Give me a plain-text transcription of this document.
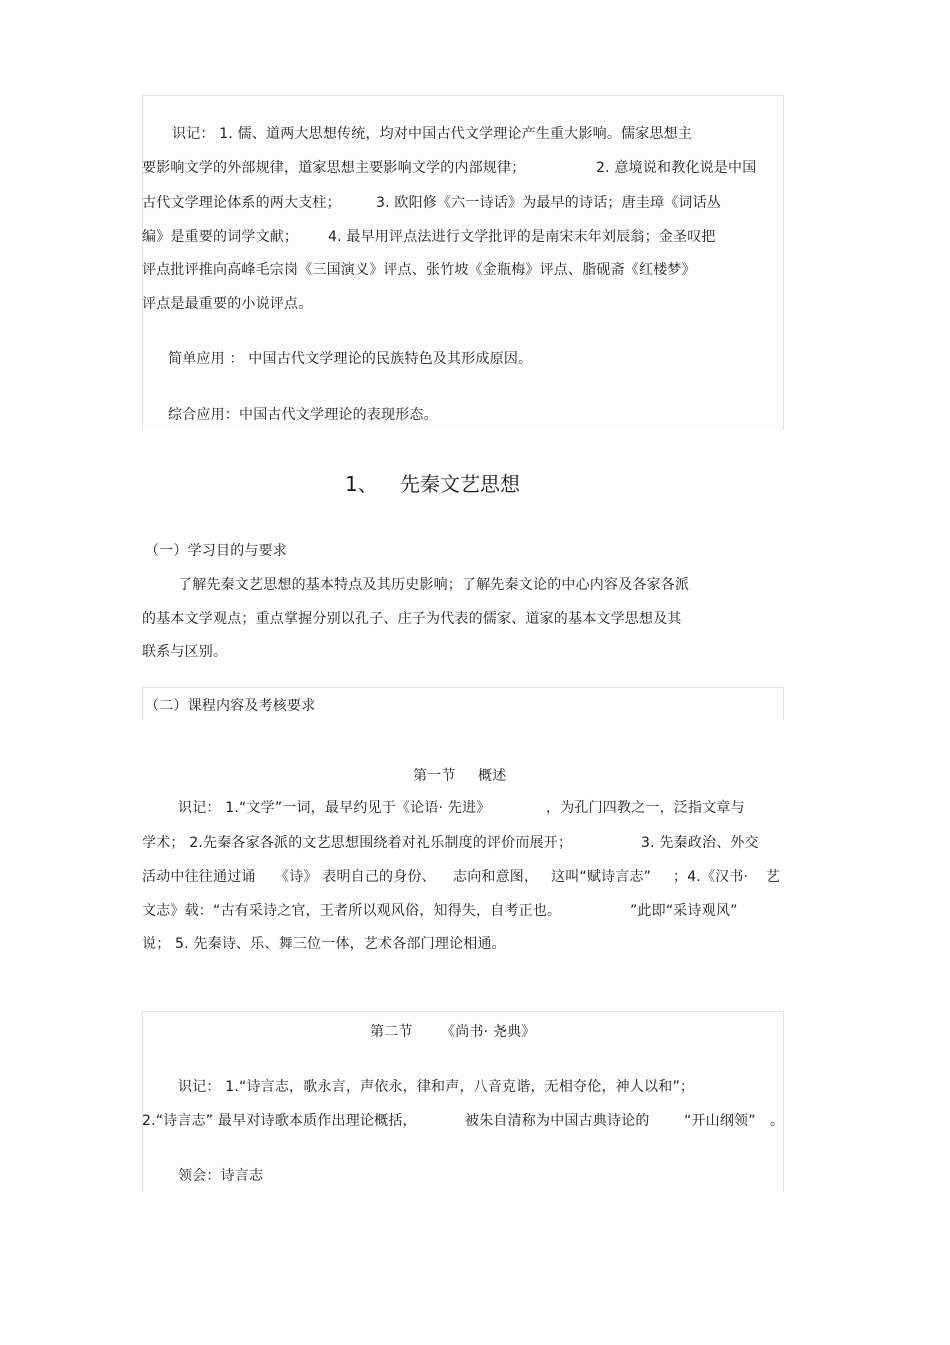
识记： 1. 儒、道两大思想传统，均对中国古代文学理论产生重大影响。儒家思想主
要影响文学的外部规律，道家思想主要影响文学的内部规律；	2. 意境说和教化说是中国
古代文学理论体系的两大支柱；	3. 欧阳修《六一诗话》为最早的诗话；唐圭璋《词话丛
编》是重要的词学文献； 4. 最早用评点法进行文学批评的是南宋末年刘辰翁；金圣叹把
评点批评推向高峰毛宗岗《三国演义》评点、张竹坡《金瓶梅》评点、脂砚斋《红楼梦》
评点是最重要的小说评点。
简单应用 ： 中国古代文学理论的民族特色及其形成原因。
综合应用：中国古代文学理论的表现形态。
1、 先秦文艺思想
（一）学习目的与要求
了解先秦文艺思想的基本特点及其历史影响；了解先秦文论的中心内容及各家各派
的基本文学观点；重点掌握分别以孔子、庄子为代表的儒家、道家的基本文学思想及其
联系与区别。
（二）课程内容及考核要求
第一节 概述
识记： 1.“文学”一词，最早约见于《论语· 先进》	，为孔门四教之一，泛指文章与
学术； 2.先秦各家各派的文艺思想围绕着对礼乐制度的评价而展开；	3. 先秦政治、外交
活动中往往通过诵 《诗》 表明自己的身份、 志向和意图， 这叫“赋诗言志” ；4.《汉书· 艺
文志》载：“古有采诗之官，王者所以观风俗，知得失，自考正也。	”此即“采诗观风”
说； 5. 先秦诗、乐、舞三位一体，艺术各部门理论相通。
第二节 《尚书· 尧典》
识记： 1.“诗言志，歌永言，声依永，律和声，八音克谐，无相夺伦，神人以和”；
2.“诗言志” 最早对诗歌本质作出理论概括，	被朱自清称为中国古典诗论的 “开山纲领” 。
领会：诗言志
